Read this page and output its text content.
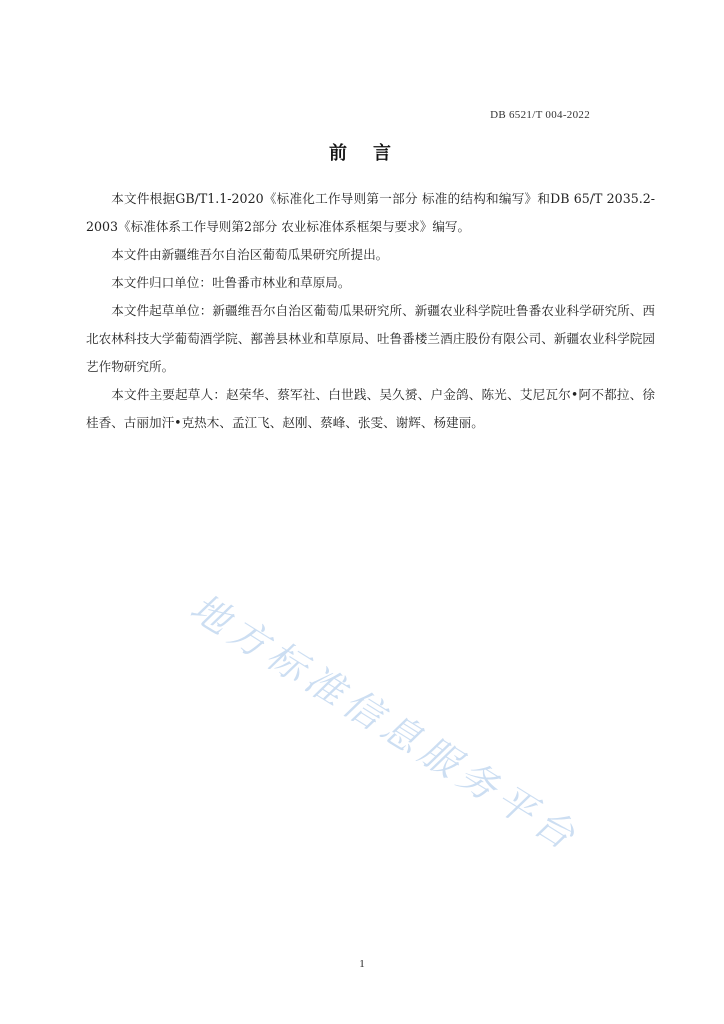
DB 6521/T 004-2022
前　言

本文件根据GB/T1.1-2020《标准化工作导则第一部分 标准的结构和编写》和DB 65/T 2035.2-2003《标准体系工作导则第2部分 农业标准体系框架与要求》编写。

本文件由新疆维吾尔自治区葡萄瓜果研究所提出。

本文件归口单位：吐鲁番市林业和草原局。

本文件起草单位：新疆维吾尔自治区葡萄瓜果研究所、新疆农业科学院吐鲁番农业科学研究所、西北农林科技大学葡萄酒学院、鄯善县林业和草原局、吐鲁番楼兰酒庄股份有限公司、新疆农业科学院园艺作物研究所。

本文件主要起草人：赵荣华、蔡军社、白世践、吴久赟、户金鸽、陈光、艾尼瓦尔•阿不都拉、徐桂香、古丽加汗•克热木、孟江飞、赵刚、蔡峰、张雯、谢辉、杨建丽。

地方标准信息服务平台
1
